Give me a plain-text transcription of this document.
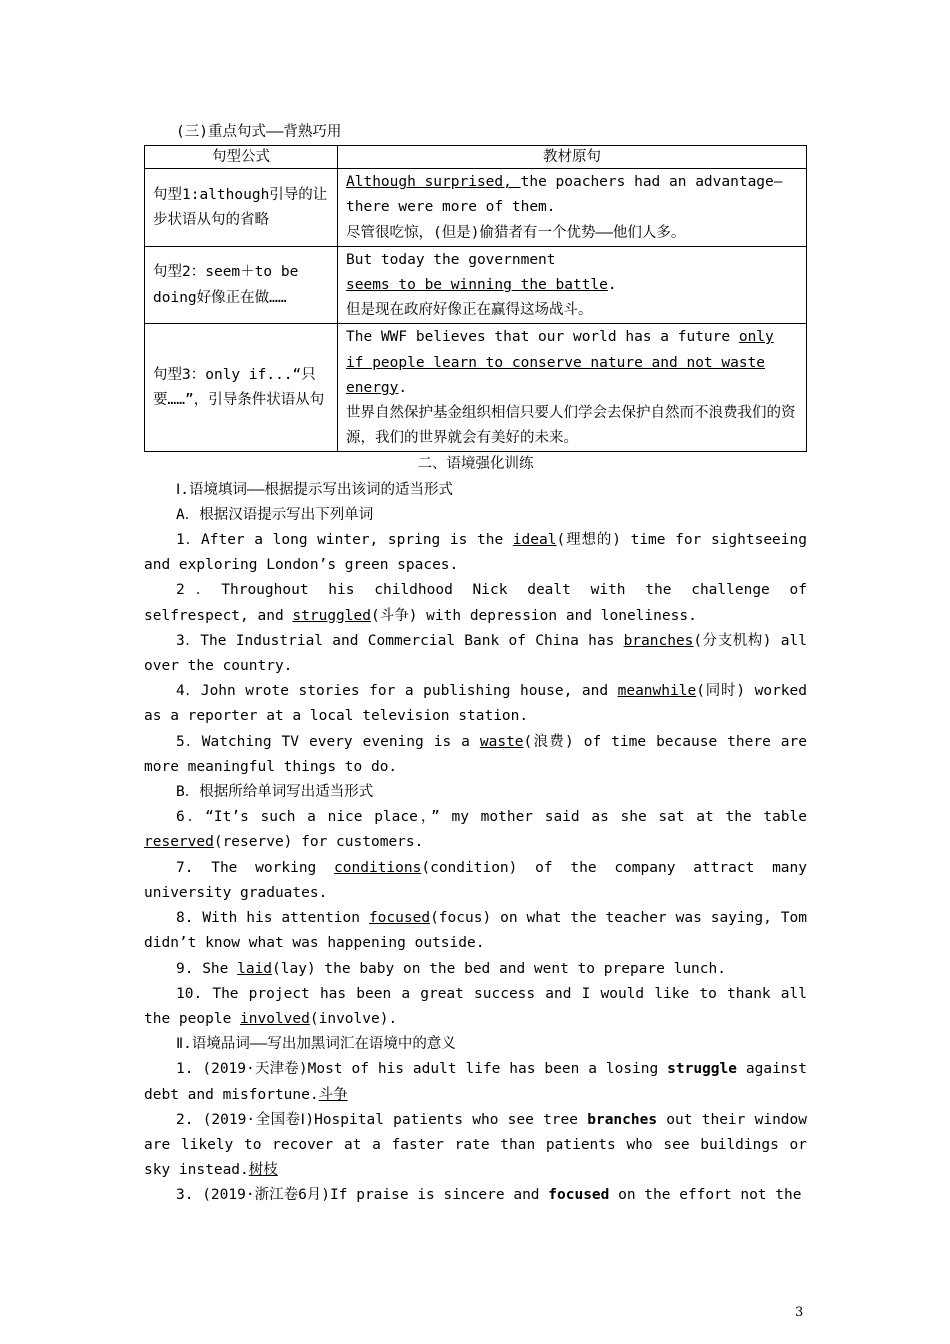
(三)重点句式——背熟巧用
句型公式	教材原句
句型1:although引导的让步状语从句的省略	Although surprised, the poachers had an advantage—there were more of them.
尽管很吃惊，(但是)偷猎者有一个优势——他们人多。
句型2：seem＋to be doing好像正在做……	But today the government
seems to be winning the battle.
但是现在政府好像正在赢得这场战斗。
句型3：only if...“只要……”，引导条件状语从句	The WWF believes that our world has a future only if people learn to conserve nature and not waste energy.
世界自然保护基金组织相信只要人们学会去保护自然而不浪费我们的资源，我们的世界就会有美好的未来。
二、语境强化训练
Ⅰ.语境填词——根据提示写出该词的适当形式
A．根据汉语提示写出下列单词
1．After a long winter, spring is the ideal(理想的) time for sightseeing and exploring London’s green spaces.
2．Throughout his childhood Nick dealt with the challenge of selfrespect, and struggled(斗争) with depression and loneliness.
3．The Industrial and Commercial Bank of China has branches(分支机构) all over the country.
4．John wrote stories for a publishing house, and meanwhile(同时) worked as a reporter at a local television station.
5．Watching TV every evening is a waste(浪费) of time because there are more meaningful things to do.
B．根据所给单词写出适当形式
6．“It’s such a nice place，” my mother said as she sat at the table reserved(reserve) for customers.
7. The working conditions(condition) of the company attract many university graduates.
8. With his attention focused(focus) on what the teacher was saying, Tom didn’t know what was happening outside.
9. She laid(lay) the baby on the bed and went to prepare lunch.
10. The project has been a great success and I would like to thank all the people involved(involve).
Ⅱ.语境品词——写出加黑词汇在语境中的意义
1. (2019·天津卷)Most of his adult life has been a losing struggle against debt and misfortune.斗争
2. (2019·全国卷Ⅰ)Hospital patients who see tree branches out their window are likely to recover at a faster rate than patients who see buildings or sky instead.树枝
3. (2019·浙江卷6月)If praise is sincere and focused on the effort not the
3
